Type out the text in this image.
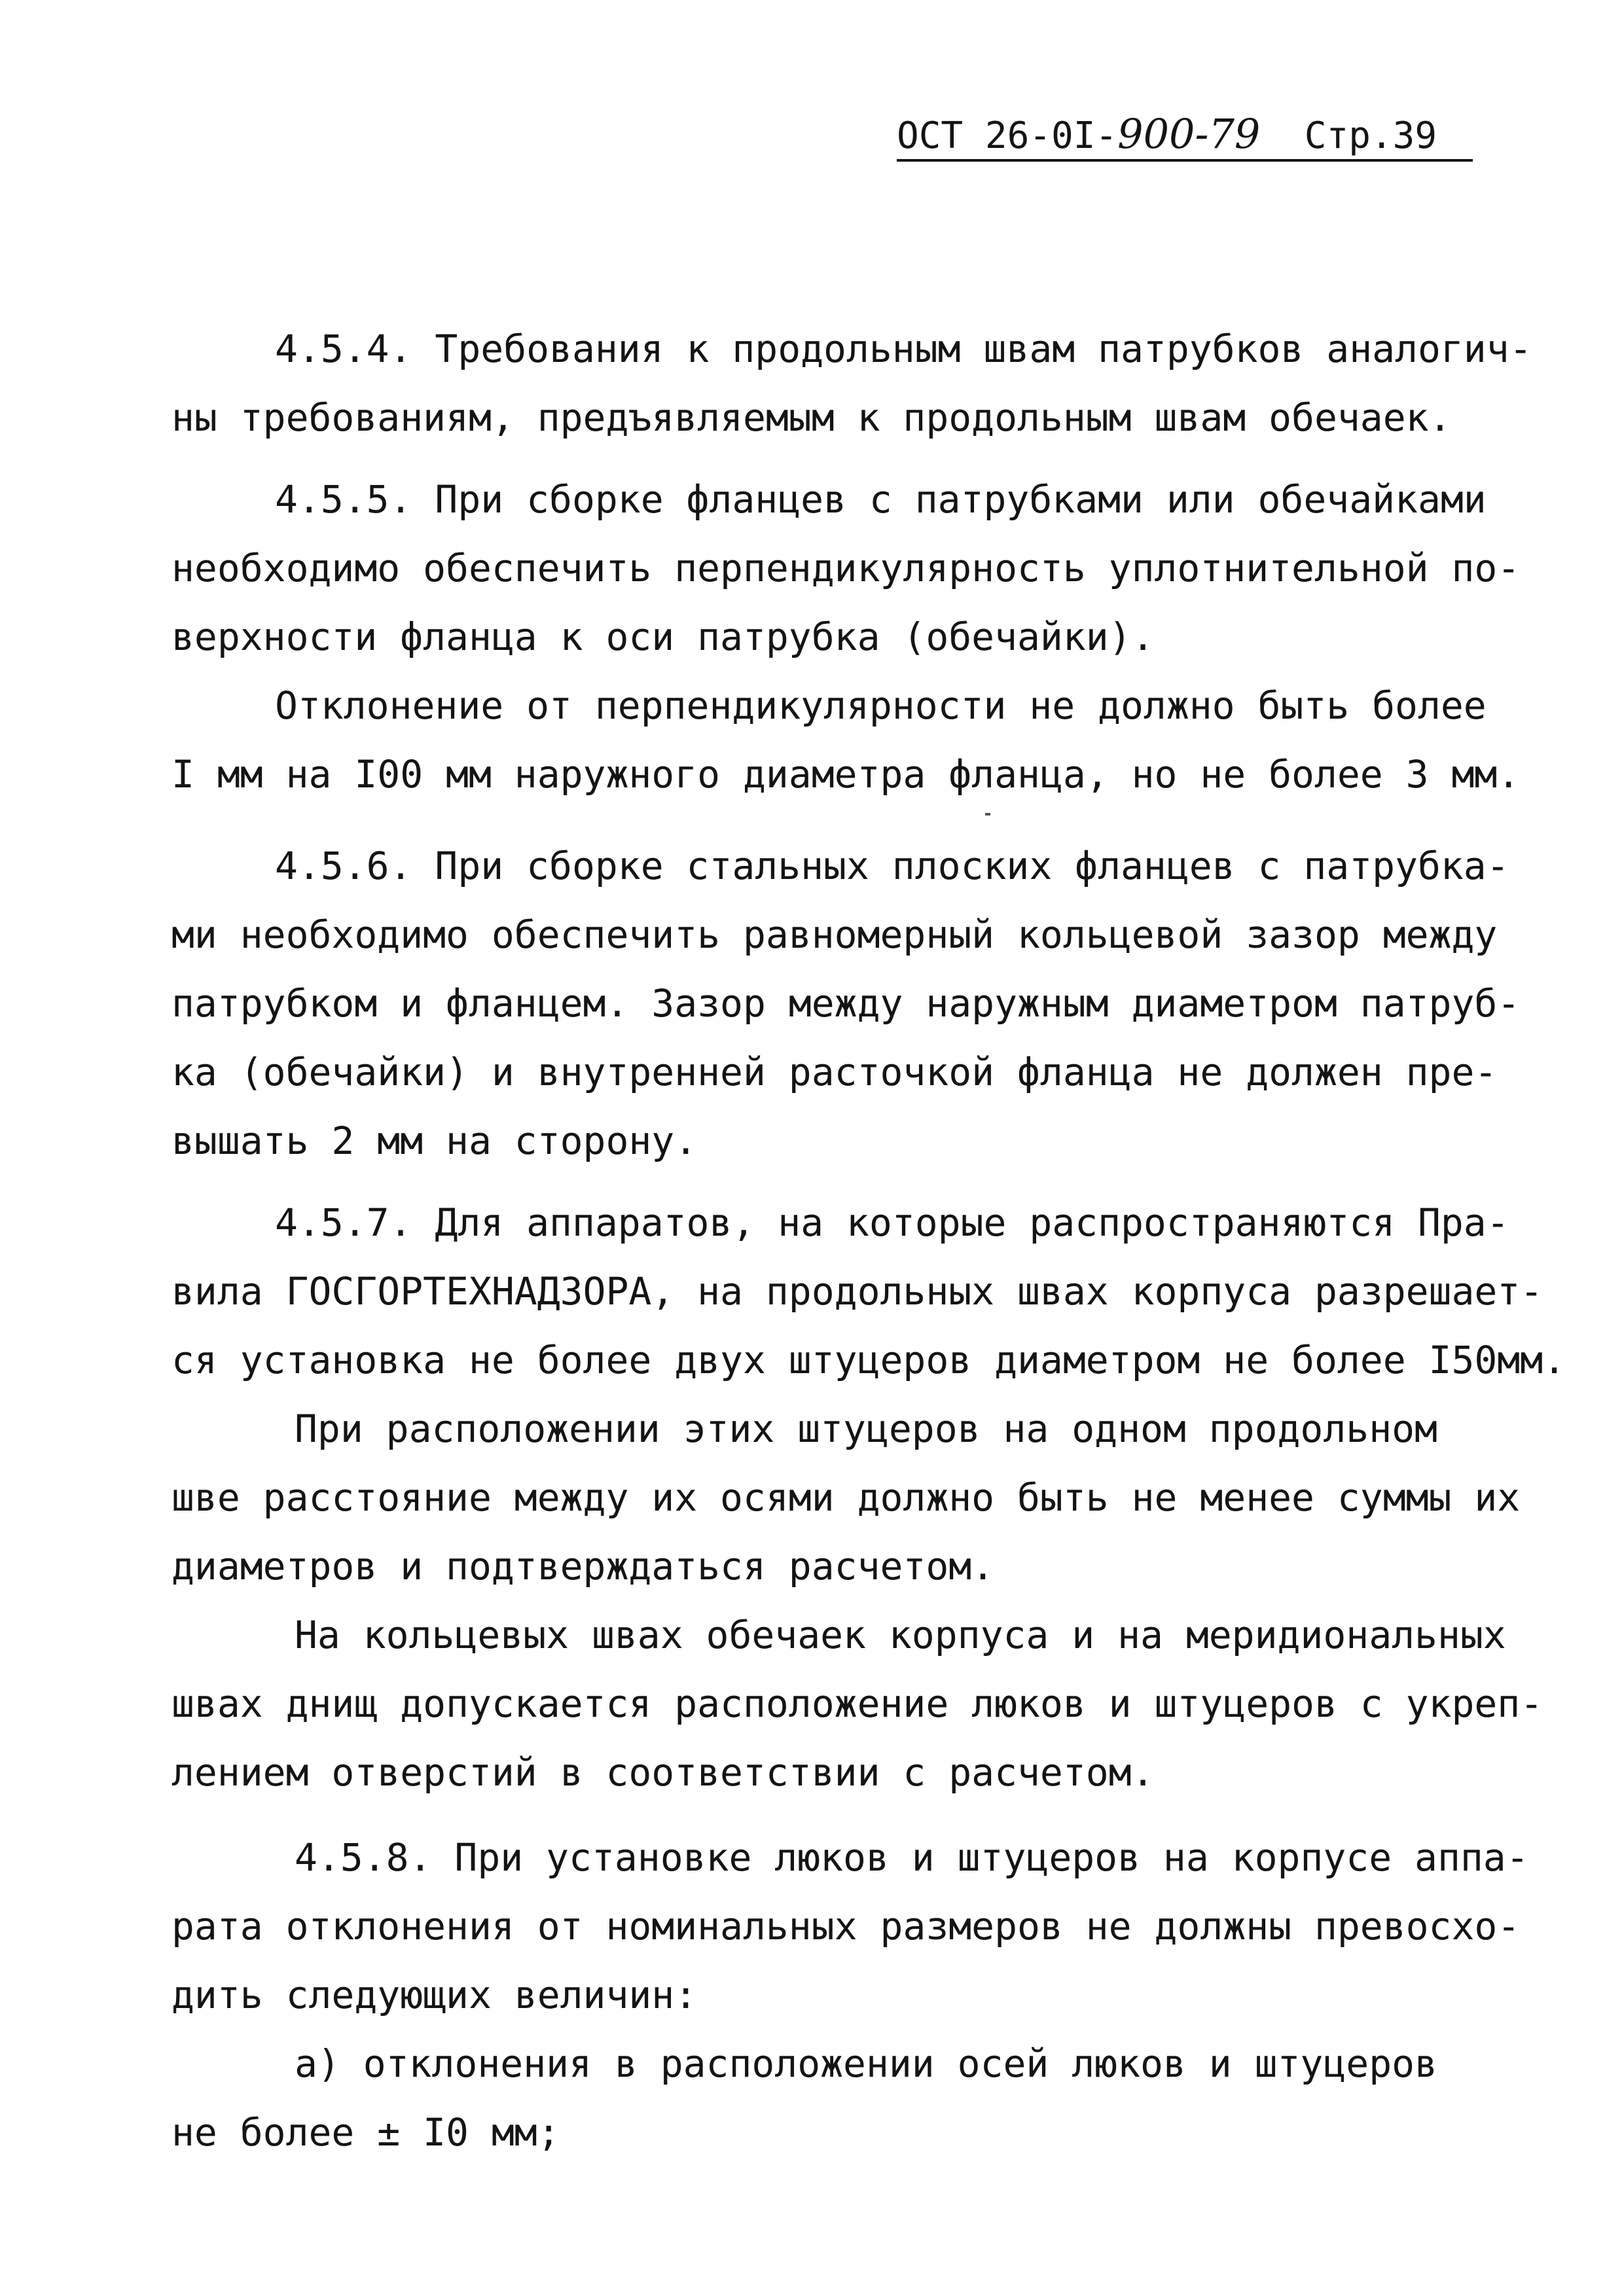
ОСТ 26-0I-900-79 Стр.39
4.5.4. Требования к продольным швам патрубков аналогич-
ны требованиям, предъявляемым к продольным швам обечаек.
4.5.5. При сборке фланцев с патрубками или обечайками
необходимо обеспечить перпендикулярность уплотнительной по-
верхности фланца к оси патрубка (обечайки).
Отклонение от перпендикулярности не должно быть более
I мм на I00 мм наружного диаметра фланца, но не более 3 мм.
4.5.6. При сборке стальных плоских фланцев с патрубка-
ми необходимо обеспечить равномерный кольцевой зазор между
патрубком и фланцем. Зазор между наружным диаметром патруб-
ка (обечайки) и внутренней расточкой фланца не должен пре-
вышать 2 мм на сторону.
4.5.7. Для аппаратов, на которые распространяются Пра-
вила ГОСГОРТЕХНАДЗОРА, на продольных швах корпуса разрешает-
ся установка не более двух штуцеров диаметром не более I50мм.
При расположении этих штуцеров на одном продольном
шве расстояние между их осями должно быть не менее суммы их
диаметров и подтверждаться расчетом.
На кольцевых швах обечаек корпуса и на меридиональных
швах днищ допускается расположение люков и штуцеров с укреп-
лением отверстий в соответствии с расчетом.
4.5.8. При установке люков и штуцеров на корпусе аппа-
рата отклонения от номинальных размеров не должны превосхо-
дить следующих величин:
а) отклонения в расположении осей люков и штуцеров
не более ± I0 мм;
